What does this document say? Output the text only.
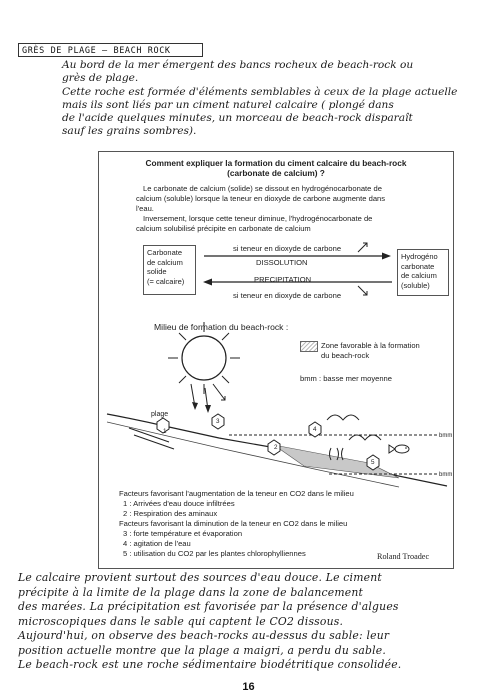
GRÈS DE PLAGE – BEACH ROCK
Au bord de la mer émergent des bancs rocheux de beach-rock ou
grès de plage.
Cette roche est formée d'éléments semblables à ceux de la plage actuelle
mais ils sont liés par un ciment naturel calcaire ( plongé dans
de l'acide quelques minutes, un morceau de beach-rock disparaît
sauf les grains sombres).
Comment expliquer la formation du ciment calcaire du beach-rock
(carbonate de calcium) ?
Le carbonate de calcium (solide) se dissout en hydrogénocarbonate de
calcium (soluble) lorsque la teneur en dioxyde de carbone augmente dans
l'eau.
Inversement, lorsque cette teneur diminue, l'hydrogénocarbonate de
calcium solubilisé précipite en carbonate de calcium
Carbonate
de calcium
solide
(= calcaire)
Hydrogéno
carbonate
de calcium
(soluble)
si teneur en dioxyde de carbone
DISSOLUTION
PRECIPITATION
si teneur en dioxyde de carbone
Milieu de formation du beach-rock :
Zone favorable à la formation
du beach-rock
bmm : basse mer moyenne
1
2
3
4
5
plage
bmm
bmm
Facteurs favorisant l'augmentation de la teneur en CO2 dans le milieu
1 : Arrivées d'eau douce infiltrées
2 : Respiration des aminaux
Facteurs favorisant la diminution de la teneur en CO2 dans le milieu
3 : forte température et évaporation
4 : agitation de l'eau
5 : utilisation du CO2 par les plantes chlorophylliennes	Roland Troadec
Le calcaire provient surtout des sources d'eau douce. Le ciment
précipite à la limite de la plage dans la zone de balancement
des marées. La précipitation est favorisée par la présence d'algues
microscopiques dans le sable qui captent le CO2 dissous.
Aujourd'hui, on observe des beach-rocks au-dessus du sable: leur
position actuelle montre que la plage a maigri, a perdu du sable.
Le beach-rock est une roche sédimentaire biodétritique consolidée.
16
